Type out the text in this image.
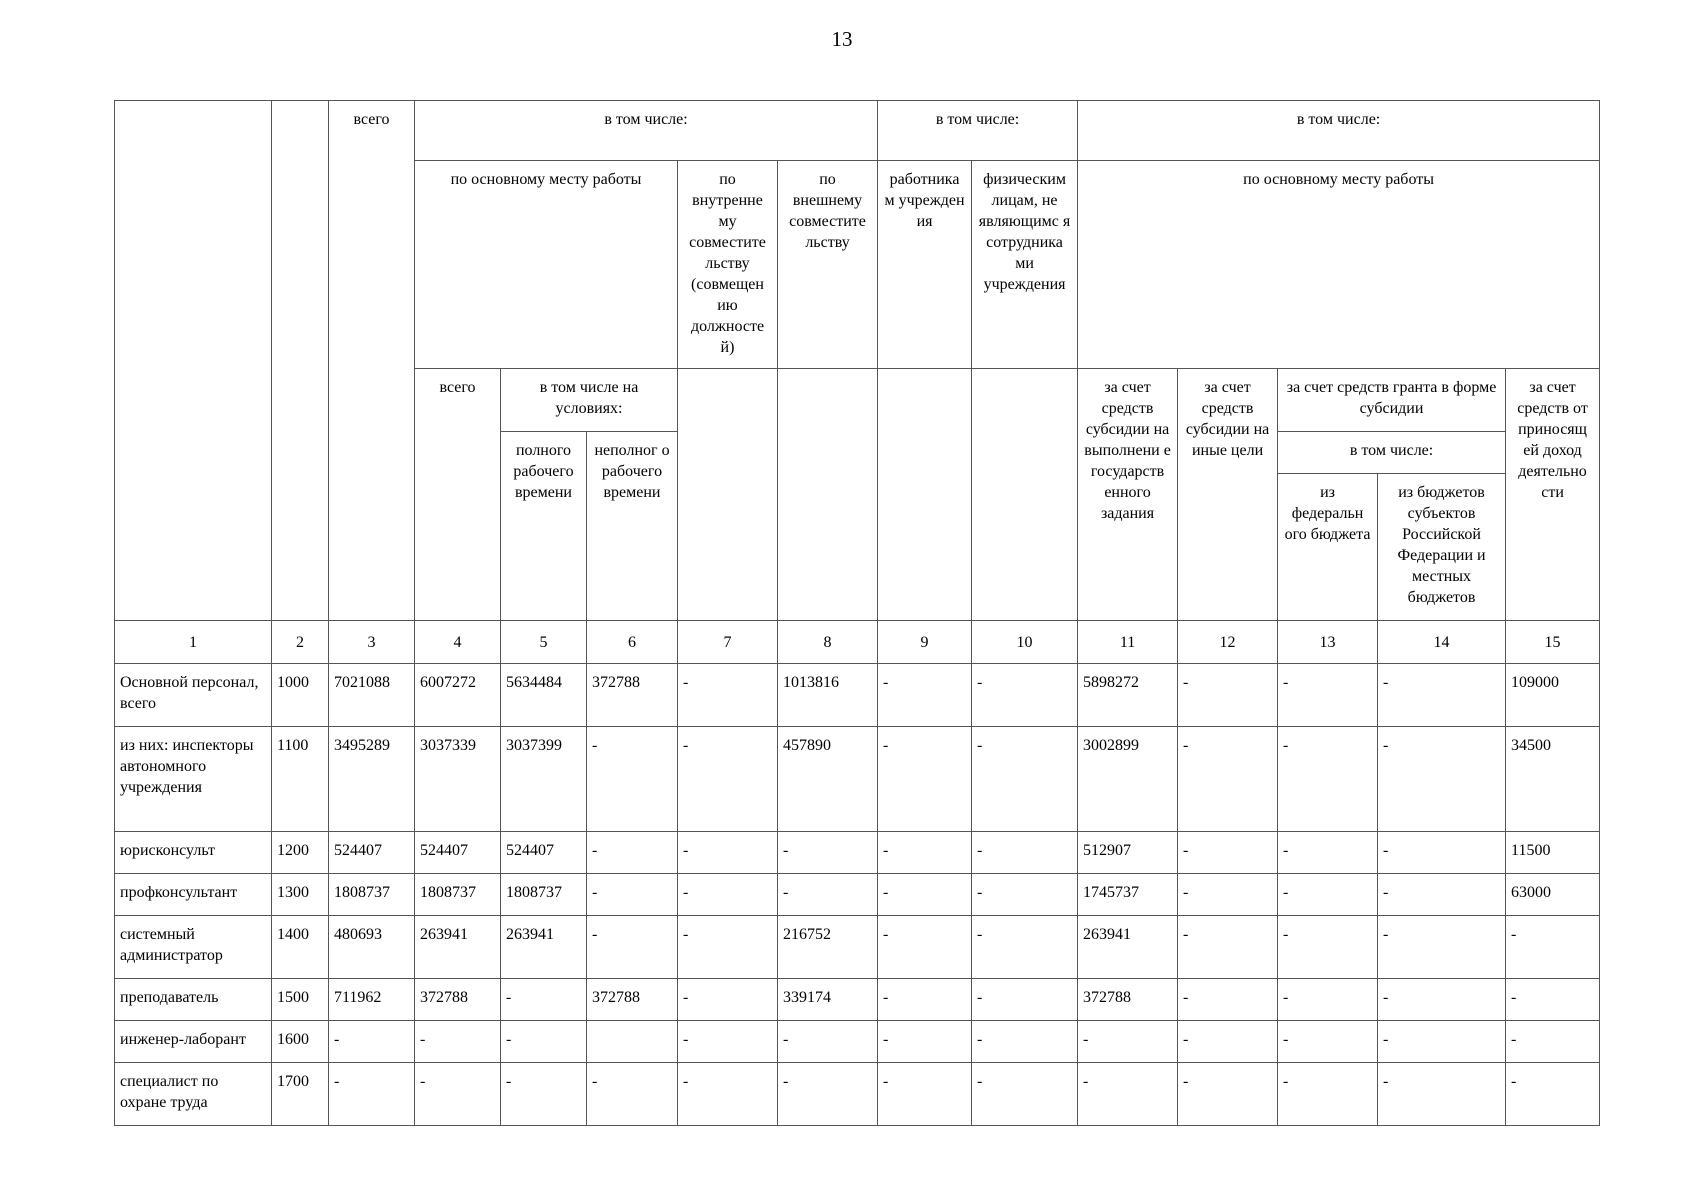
13
		всего	в том числе:					в том числе:		в том числе:				
			по основному месту работы			по внутренне му совместите льству (совмещен ию должносте й)	по внешнему совместите льству	работника м учрежден ия	физическим лицам, не являющимс я сотрудника ми учреждения	по основному месту работы				
			всего	в том числе на условиях:						за счет средств субсидии на выполнени е государств енного задания	за счет средств субсидии на иные цели	за счет средств гранта в форме субсидии		за счет средств от приносящ ей доход деятельно сти
				полного рабочего времени	неполног о рабочего времени							в том числе:		
												из федеральн ого бюджета	из бюджетов субъектов Российской Федерации и местных бюджетов	
1	2	3	4	5	6	7	8	9	10	11	12	13	14	15
Основной персонал, всего	1000	7021088	6007272	5634484	372788	-	1013816	-	-	5898272	-	-	-	109000
из них: инспекторы автономного учреждения	1100	3495289	3037339	3037399	-	-	457890	-	-	3002899	-	-	-	34500
юрисконсульт	1200	524407	524407	524407	-	-	-	-	-	512907	-	-	-	11500
профконсультант	1300	1808737	1808737	1808737	-	-	-	-	-	1745737	-	-	-	63000
системный администратор	1400	480693	263941	263941	-	-	216752	-	-	263941	-	-	-	-
преподаватель	1500	711962	372788	-	372788	-	339174	-	-	372788	-	-	-	-
инженер-лаборант	1600	-	-	-		-	-	-	-	-	-	-	-	-
специалист по охране труда	1700	-	-	-	-	-	-	-	-	-	-	-	-	-
